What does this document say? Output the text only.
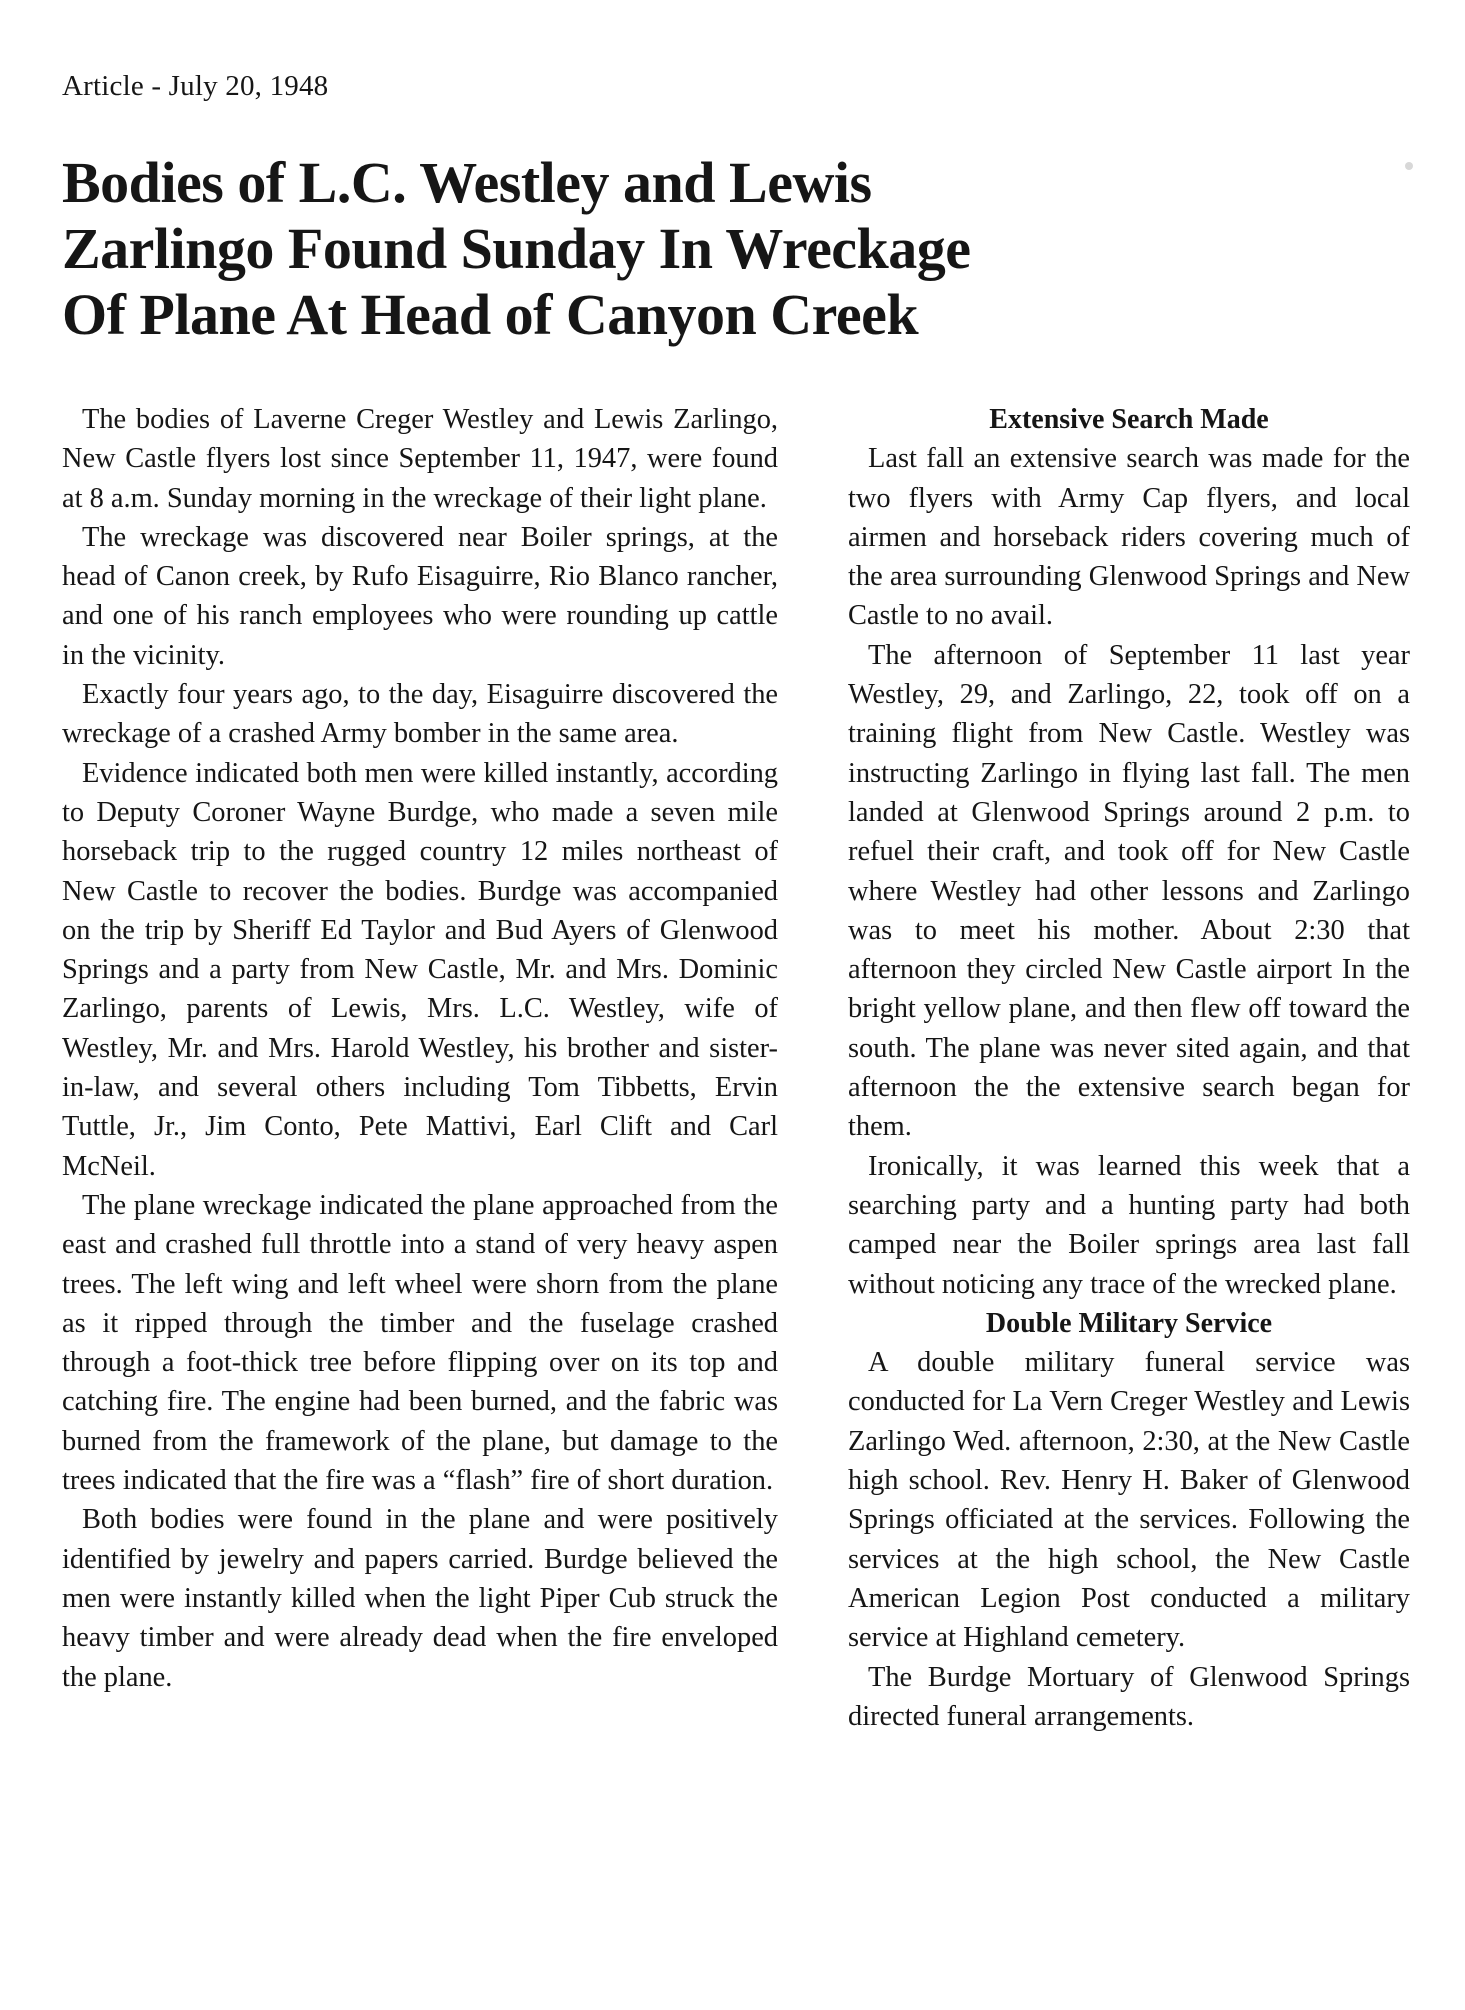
Article - July 20, 1948
Bodies of L.C. Westley and Lewis
Zarlingo Found Sunday In Wreckage
Of Plane At Head of Canyon Creek

The bodies of Laverne Creger Westley and Lewis Zarlingo, New Castle flyers lost since September 11, 1947, were found at 8 a.m. Sunday morning in the wreckage of their light plane.

The wreckage was discovered near Boiler springs, at the head of Canon creek, by Rufo Eisaguirre, Rio Blanco rancher, and one of his ranch employees who were rounding up cattle in the vicinity.

Exactly four years ago, to the day, Eisaguirre discovered the wreckage of a crashed Army bomber in the same area.

Evidence indicated both men were killed instantly, according to Deputy Coroner Wayne Burdge, who made a seven mile horseback trip to the rugged country 12 miles northeast of New Castle to recover the bodies. Burdge was accompanied on the trip by Sheriff Ed Taylor and Bud Ayers of Glenwood Springs and a party from New Castle, Mr. and Mrs. Dominic Zarlingo, parents of Lewis, Mrs. L.C. Westley, wife of Westley, Mr. and Mrs. Harold Westley, his brother and sister-in-law, and several others including Tom Tibbetts, Ervin Tuttle, Jr., Jim Conto, Pete Mattivi, Earl Clift and Carl McNeil.

The plane wreckage indicated the plane approached from the east and crashed full throttle into a stand of very heavy aspen trees. The left wing and left wheel were shorn from the plane as it ripped through the timber and the fuselage crashed through a foot-thick tree before flipping over on its top and catching fire. The engine had been burned, and the fabric was burned from the framework of the plane, but damage to the trees indicated that the fire was a “flash” fire of short duration.

Both bodies were found in the plane and were positively identified by jewelry and papers carried. Burdge believed the men were instantly killed when the light Piper Cub struck the heavy timber and were already dead when the fire enveloped the plane.

Extensive Search Made

Last fall an extensive search was made for the two flyers with Army Cap flyers, and local airmen and horseback riders covering much of the area surrounding Glenwood Springs and New Castle to no avail.

The afternoon of September 11 last year Westley, 29, and Zarlingo, 22, took off on a training flight from New Castle. Westley was instructing Zarlingo in flying last fall. The men landed at Glenwood Springs around 2 p.m. to refuel their craft, and took off for New Castle where Westley had other lessons and Zarlingo was to meet his mother. About 2:30 that afternoon they circled New Castle airport In the bright yellow plane, and then flew off toward the south. The plane was never sited again, and that afternoon the the extensive search began for them.

Ironically, it was learned this week that a searching party and a hunting party had both camped near the Boiler springs area last fall without noticing any trace of the wrecked plane.

Double Military Service

A double military funeral service was conducted for La Vern Creger Westley and Lewis Zarlingo Wed. afternoon, 2:30, at the New Castle high school. Rev. Henry H. Baker of Glenwood Springs officiated at the services. Following the services at the high school, the New Castle American Legion Post conducted a military service at Highland cemetery.

The Burdge Mortuary of Glenwood Springs directed funeral arrangements.
